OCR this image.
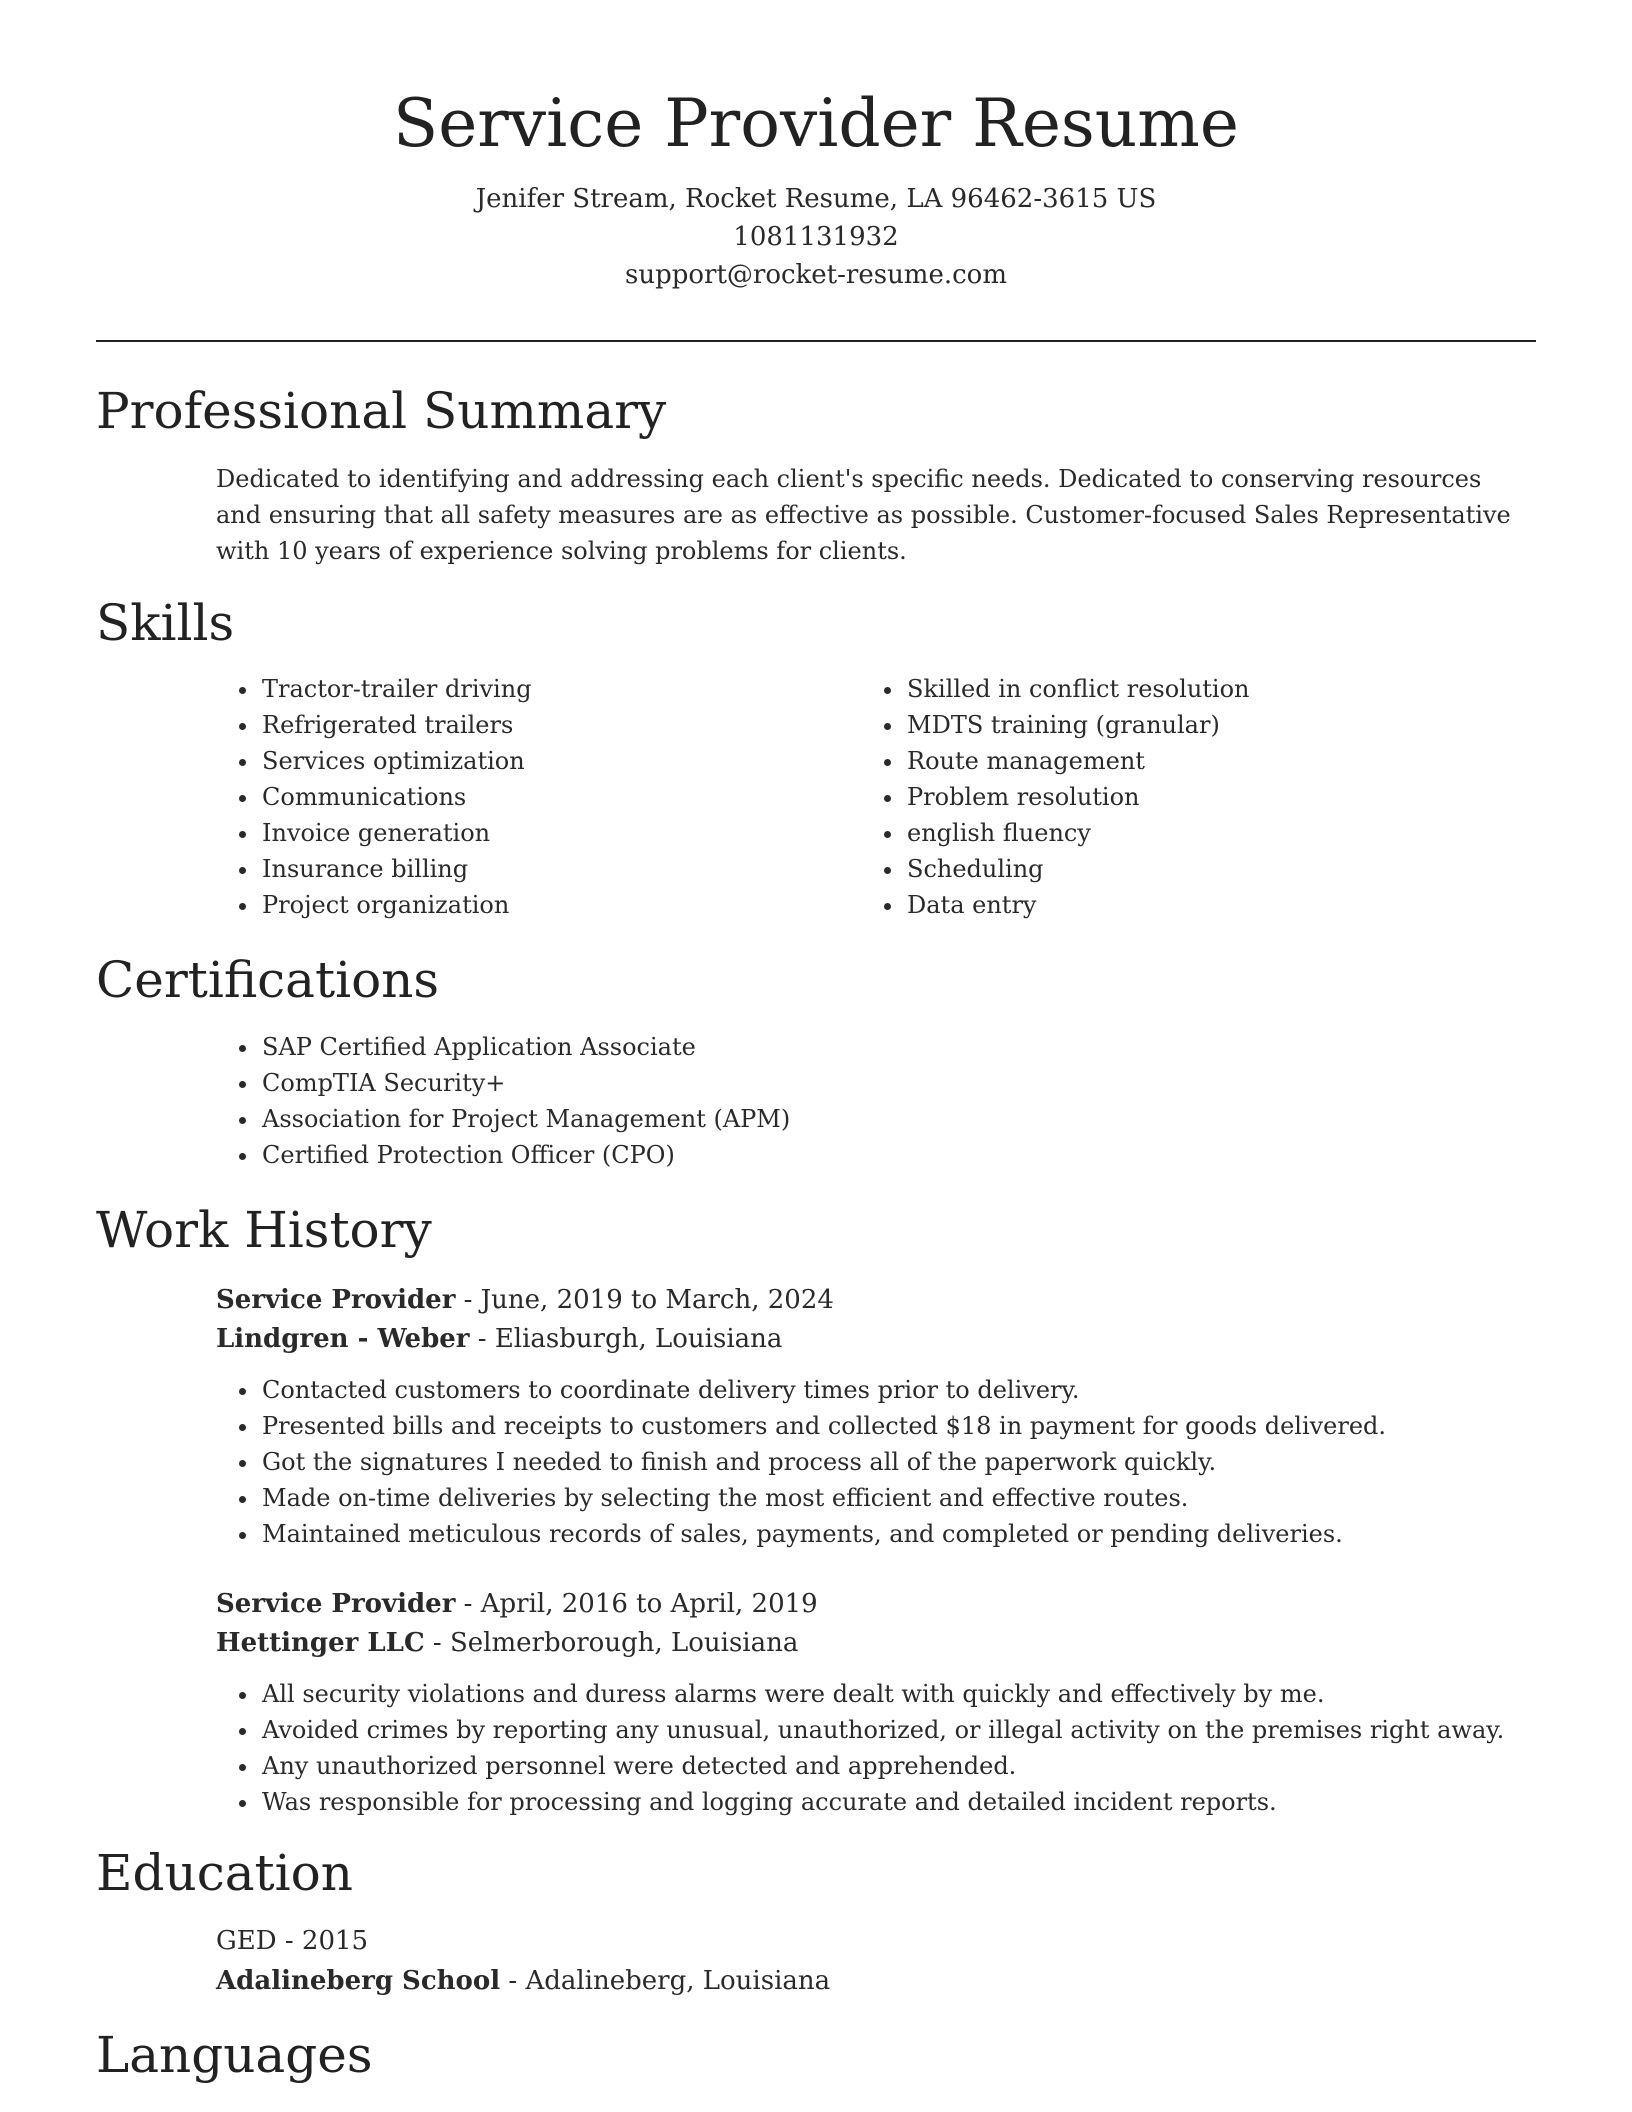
Service Provider Resume
Jenifer Stream, Rocket Resume, LA 96462-3615 US
1081131932
support@rocket-resume.com
Professional Summary
Dedicated to identifying and addressing each client's specific needs. Dedicated to conserving resources and ensuring that all safety measures are as effective as possible. Customer-focused Sales Representative with 10 years of experience solving problems for clients.
Skills
• Tractor-trailer driving
• Refrigerated trailers
• Services optimization
• Communications
• Invoice generation
• Insurance billing
• Project organization
• Skilled in conflict resolution
• MDTS training (granular)
• Route management
• Problem resolution
• english fluency
• Scheduling
• Data entry
Certifications
• SAP Certified Application Associate
• CompTIA Security+
• Association for Project Management (APM)
• Certified Protection Officer (CPO)
Work History
Service Provider - June, 2019 to March, 2024
Lindgren - Weber - Eliasburgh, Louisiana
• Contacted customers to coordinate delivery times prior to delivery.
• Presented bills and receipts to customers and collected $18 in payment for goods delivered.
• Got the signatures I needed to finish and process all of the paperwork quickly.
• Made on-time deliveries by selecting the most efficient and effective routes.
• Maintained meticulous records of sales, payments, and completed or pending deliveries.
Service Provider - April, 2016 to April, 2019
Hettinger LLC - Selmerborough, Louisiana
• All security violations and duress alarms were dealt with quickly and effectively by me.
• Avoided crimes by reporting any unusual, unauthorized, or illegal activity on the premises right away.
• Any unauthorized personnel were detected and apprehended.
• Was responsible for processing and logging accurate and detailed incident reports.
Education
GED - 2015
Adalineberg School - Adalineberg, Louisiana
Languages
